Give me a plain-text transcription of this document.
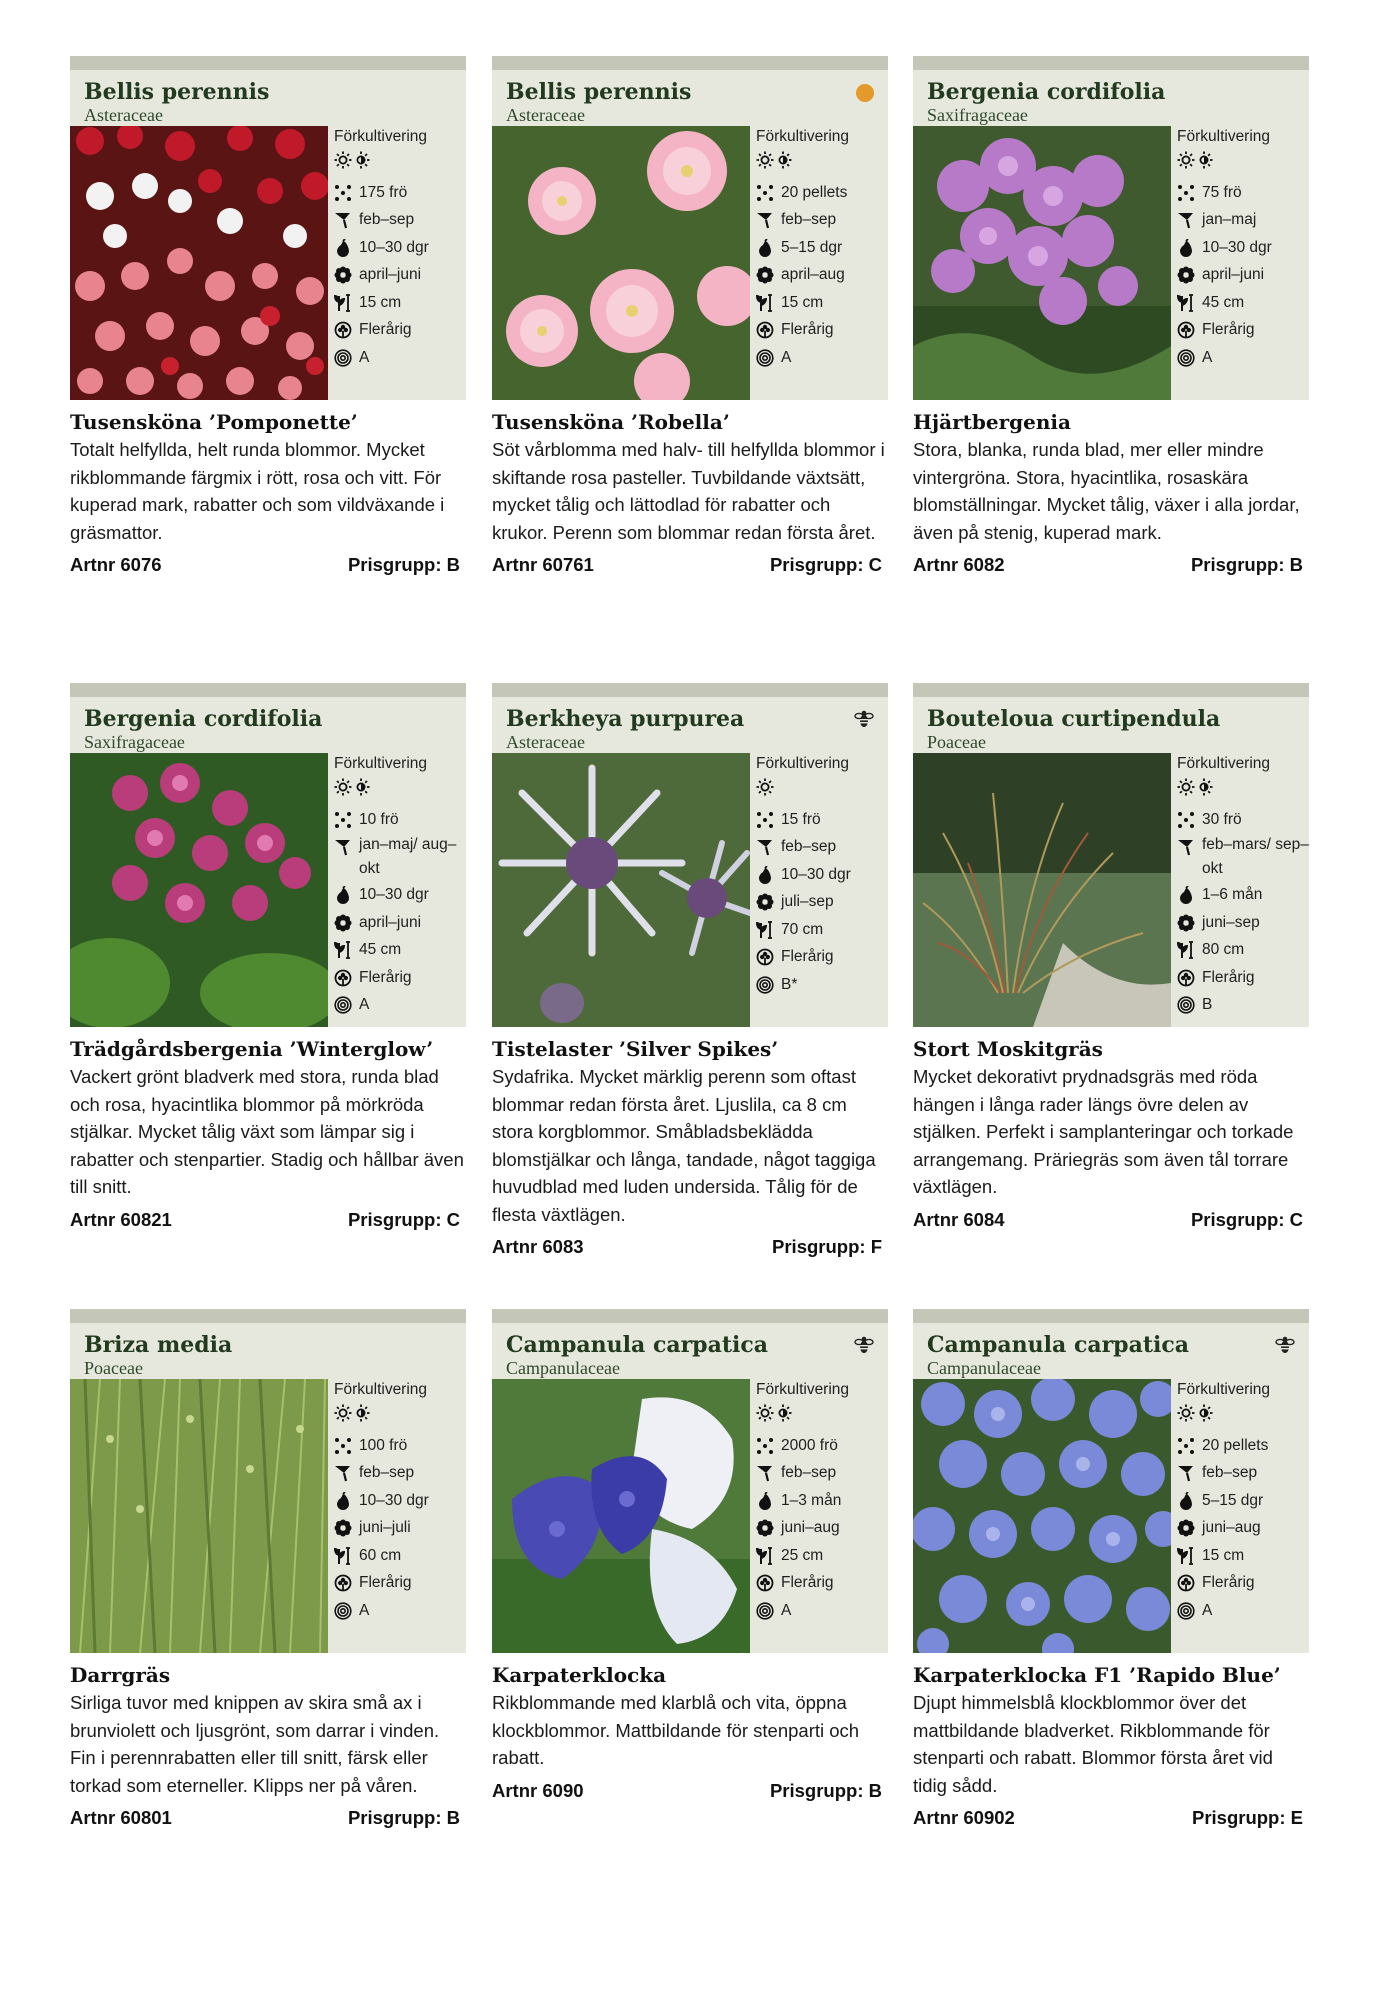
Bellis perennis
Asteraceae
Förkultivering
175 frö
feb–sep
10–30 dgr
april–juni
15 cm
Flerårig
A
Tusensköna ’Pomponette’
Totalt helfyllda, helt runda blommor. Mycket rikblommande färgmix i rött, rosa och vitt. För kuperad mark, rabatter och som vildväxande i gräsmattor.
Artnr 6076	Prisgrupp: B
Bellis perennis
Asteraceae
Förkultivering
20 pellets
feb–sep
5–15 dgr
april–aug
15 cm
Flerårig
A
Tusensköna ’Robella’
Söt vårblomma med halv- till helfyllda blommor i skiftande rosa pasteller. Tuvbildande växtsätt, mycket tålig och lättodlad för rabatter och krukor. Perenn som blommar redan första året.
Artnr 60761	Prisgrupp: C
Bergenia cordifolia
Saxifragaceae
Förkultivering
75 frö
jan–maj
10–30 dgr
april–juni
45 cm
Flerårig
A
Hjärtbergenia
Stora, blanka, runda blad, mer eller mindre vintergröna. Stora, hyacintlika, rosaskära blomställningar. Mycket tålig, växer i alla jordar, även på stenig, kuperad mark.
Artnr 6082	Prisgrupp: B
Bergenia cordifolia
Saxifragaceae
Förkultivering
10 frö
jan–maj/ aug–okt
10–30 dgr
april–juni
45 cm
Flerårig
A
Trädgårdsbergenia ’Winterglow’
Vackert grönt bladverk med stora, runda blad och rosa, hyacintlika blommor på mörkröda stjälkar. Mycket tålig växt som lämpar sig i rabatter och stenpartier. Stadig och hållbar även till snitt.
Artnr 60821	Prisgrupp: C
Berkheya purpurea
Asteraceae
Förkultivering
15 frö
feb–sep
10–30 dgr
juli–sep
70 cm
Flerårig
B*
Tistelaster ’Silver Spikes’
Sydafrika. Mycket märklig perenn som oftast blommar redan första året. Ljuslila, ca 8 cm stora korgblommor. Småbladsbeklädda blomstjälkar och långa, tandade, något taggiga huvudblad med luden undersida. Tålig för de flesta växtlägen.
Artnr 6083	Prisgrupp: F
Bouteloua curtipendula
Poaceae
Förkultivering
30 frö
feb–mars/ sep–okt
1–6 mån
juni–sep
80 cm
Flerårig
B
Stort Moskitgräs
Mycket dekorativt prydnadsgräs med röda hängen i långa rader längs övre delen av stjälken. Perfekt i samplanteringar och torkade arrangemang. Präriegräs som även tål torrare växtlägen.
Artnr 6084	Prisgrupp: C
Briza media
Poaceae
Förkultivering
100 frö
feb–sep
10–30 dgr
juni–juli
60 cm
Flerårig
A
Darrgräs
Sirliga tuvor med knippen av skira små ax i brunviolett och ljusgrönt, som darrar i vinden. Fin i perennrabatten eller till snitt, färsk eller torkad som eterneller. Klipps ner på våren.
Artnr 60801	Prisgrupp: B
Campanula carpatica
Campanulaceae
Förkultivering
2000 frö
feb–sep
1–3 mån
juni–aug
25 cm
Flerårig
A
Karpaterklocka
Rikblommande med klarblå och vita, öppna klockblommor. Mattbildande för stenparti och rabatt.
Artnr 6090	Prisgrupp: B
Campanula carpatica
Campanulaceae
Förkultivering
20 pellets
feb–sep
5–15 dgr
juni–aug
15 cm
Flerårig
A
Karpaterklocka F1 ’Rapido Blue’
Djupt himmelsblå klockblommor över det mattbildande bladverket. Rikblommande för stenparti och rabatt. Blommor första året vid tidig sådd.
Artnr 60902	Prisgrupp: E
